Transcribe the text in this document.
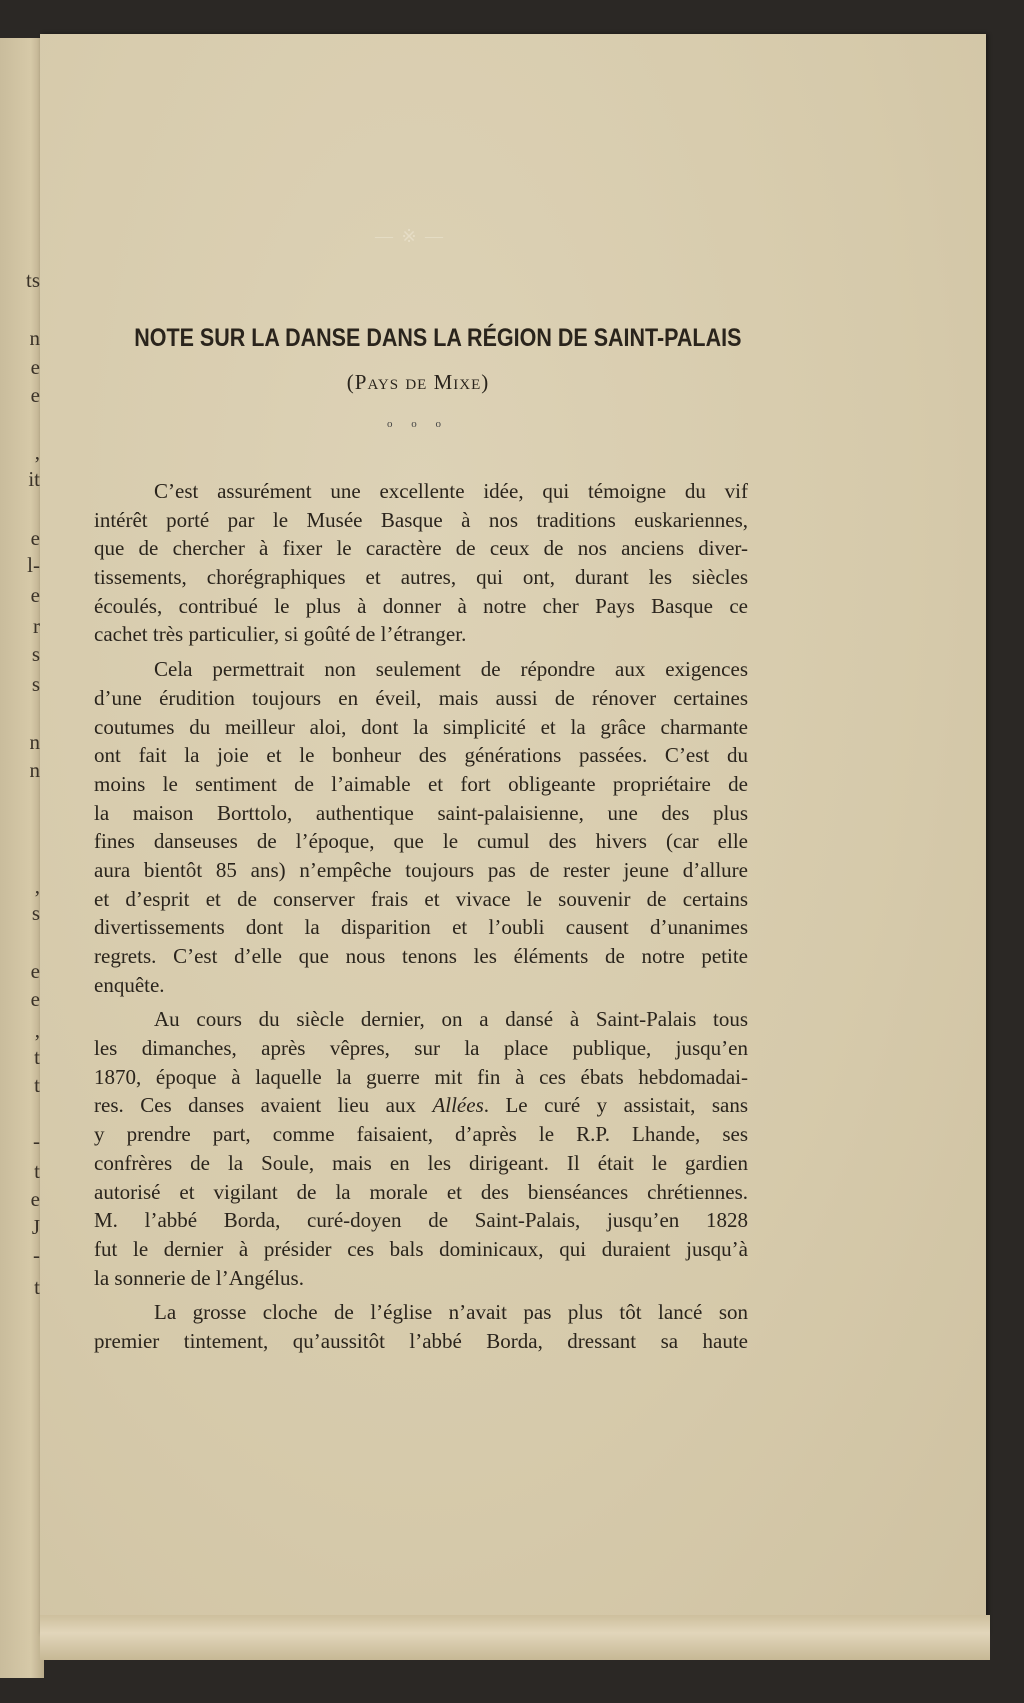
ts
n
e
e
,
it
e
l-
e
r
s
s
n
n
,
s
e
e
,
t
t
-
t
e
J
-
t
— ※ —
NOTE SUR LA DANSE DANS LA RÉGION DE SAINT-PALAIS
(Pays de Mixe)
o o o
C’est assurément une excellente idée, qui témoigne du vif
intérêt porté par le Musée Basque à nos traditions euskariennes,
que de chercher à fixer le caractère de ceux de nos anciens diver-
tissements, chorégraphiques et autres, qui ont, durant les siècles
écoulés, contribué le plus à donner à notre cher Pays Basque ce
cachet très particulier, si goûté de l’étranger.
Cela permettrait non seulement de répondre aux exigences
d’une érudition toujours en éveil, mais aussi de rénover certaines
coutumes du meilleur aloi, dont la simplicité et la grâce charmante
ont fait la joie et le bonheur des générations passées. C’est du
moins le sentiment de l’aimable et fort obligeante propriétaire de
la maison Borttolo, authentique saint-palaisienne, une des plus
fines danseuses de l’époque, que le cumul des hivers (car elle
aura bientôt 85 ans) n’empêche toujours pas de rester jeune d’allure
et d’esprit et de conserver frais et vivace le souvenir de certains
divertissements dont la disparition et l’oubli causent d’unanimes
regrets. C’est d’elle que nous tenons les éléments de notre petite
enquête.
Au cours du siècle dernier, on a dansé à Saint-Palais tous
les dimanches, après vêpres, sur la place publique, jusqu’en
1870, époque à laquelle la guerre mit fin à ces ébats hebdomadai-
res. Ces danses avaient lieu aux Allées. Le curé y assistait, sans
y prendre part, comme faisaient, d’après le R.P. Lhande, ses
confrères de la Soule, mais en les dirigeant. Il était le gardien
autorisé et vigilant de la morale et des bienséances chrétiennes.
M. l’abbé Borda, curé-doyen de Saint-Palais, jusqu’en 1828
fut le dernier à présider ces bals dominicaux, qui duraient jusqu’à
la sonnerie de l’Angélus.
La grosse cloche de l’église n’avait pas plus tôt lancé son
premier tintement, qu’aussitôt l’abbé Borda, dressant sa haute
